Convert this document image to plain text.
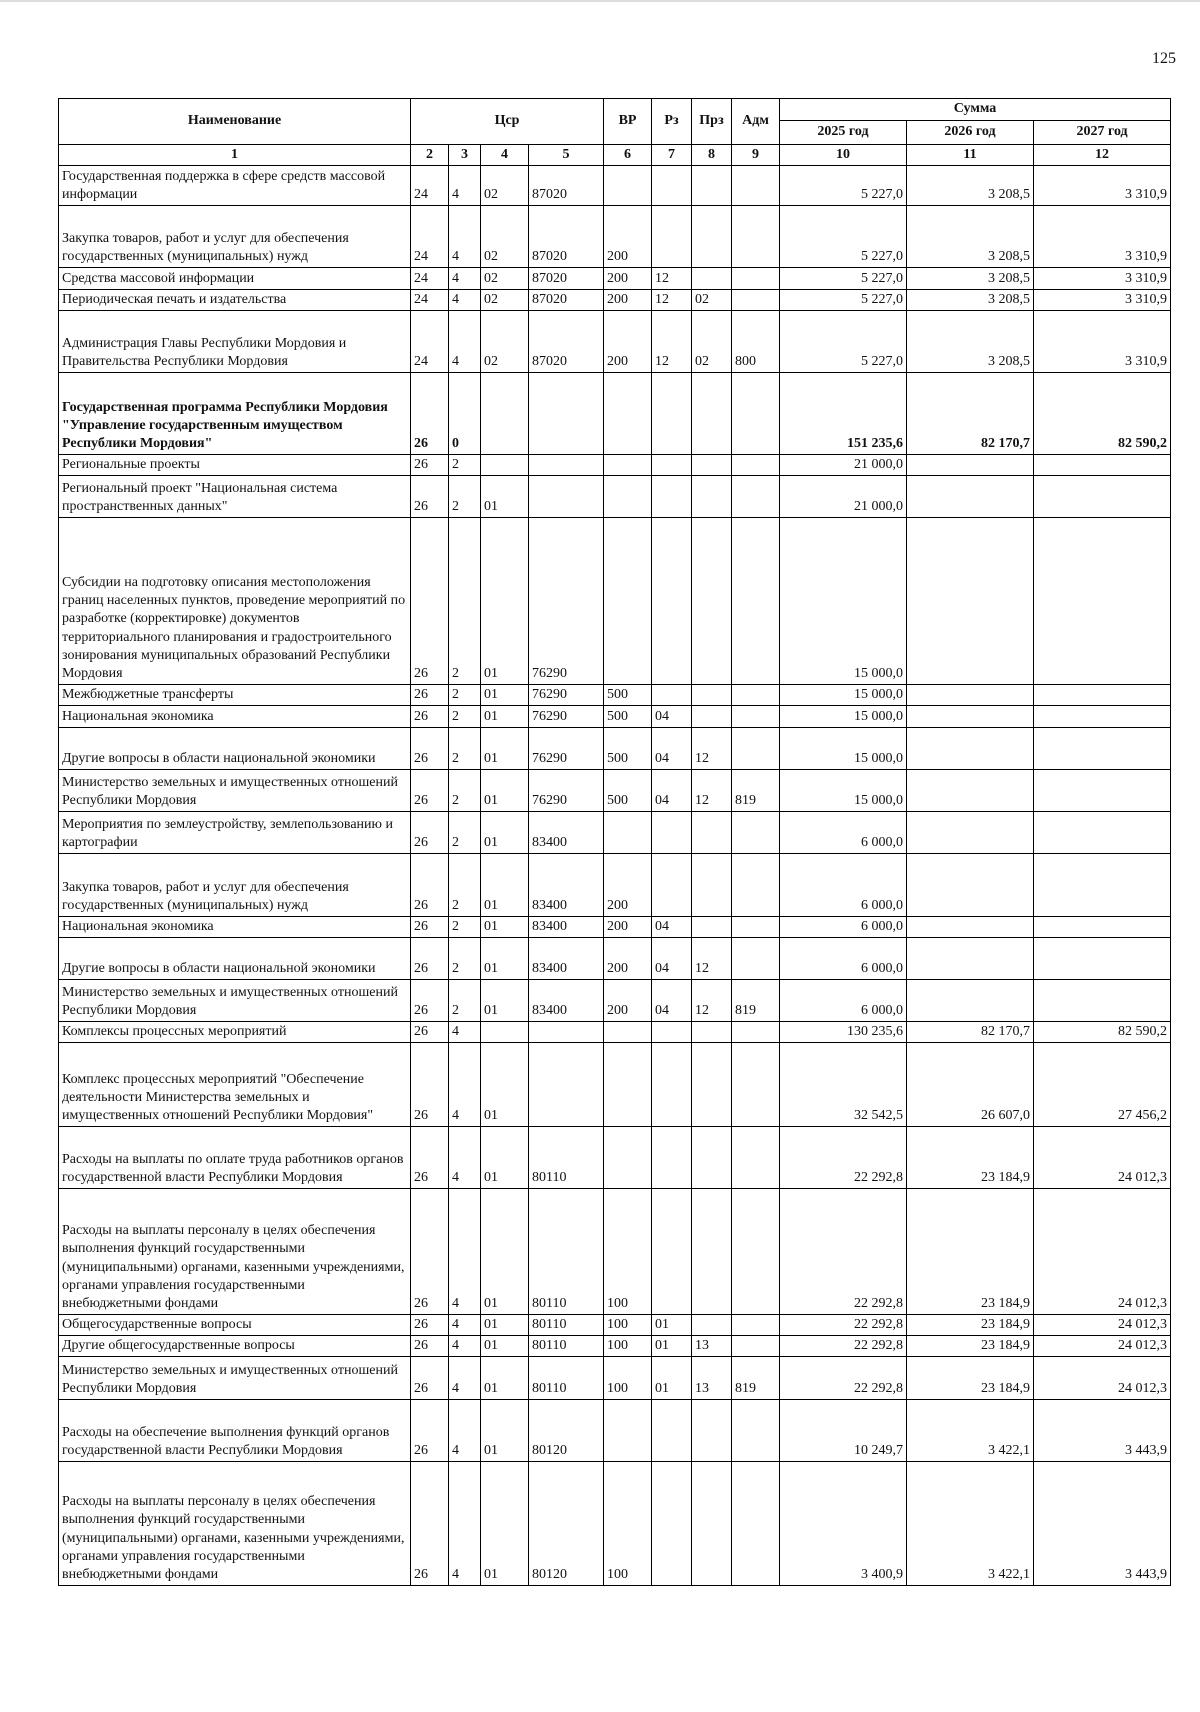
125
Наименование	Цср				ВР	Рз	Прз	Адм	Сумма		
									2025 год	2026 год	2027 год
1	2	3	4	5	6	7	8	9	10	11	12
Государственная поддержка в сфере средств массовой информации	24	4	02	87020					5 227,0	3 208,5	3 310,9
Закупка товаров, работ и услуг для обеспечения государственных (муниципальных) нужд	24	4	02	87020	200				5 227,0	3 208,5	3 310,9
Средства массовой информации	24	4	02	87020	200	12			5 227,0	3 208,5	3 310,9
Периодическая печать и издательства	24	4	02	87020	200	12	02		5 227,0	3 208,5	3 310,9
Администрация Главы Республики Мордовия и Правительства Республики Мордовия	24	4	02	87020	200	12	02	800	5 227,0	3 208,5	3 310,9
Государственная программа Республики Мордовия "Управление государственным имуществом Республики Мордовия"	26	0							151 235,6	82 170,7	82 590,2
Региональные проекты	26	2							21 000,0		
Региональный проект "Национальная система пространственных данных"	26	2	01						21 000,0		
Субсидии на подготовку описания местоположения границ населенных пунктов, проведение мероприятий по разработке (корректировке) документов территориального планирования и градостроительного зонирования муниципальных образований Республики Мордовия	26	2	01	76290					15 000,0		
Межбюджетные трансферты	26	2	01	76290	500				15 000,0		
Национальная экономика	26	2	01	76290	500	04			15 000,0		
Другие вопросы в области национальной экономики	26	2	01	76290	500	04	12		15 000,0		
Министерство земельных и имущественных отношений Республики Мордовия	26	2	01	76290	500	04	12	819	15 000,0		
Мероприятия по землеустройству, землепользованию и картографии	26	2	01	83400					6 000,0		
Закупка товаров, работ и услуг для обеспечения государственных (муниципальных) нужд	26	2	01	83400	200				6 000,0		
Национальная экономика	26	2	01	83400	200	04			6 000,0		
Другие вопросы в области национальной экономики	26	2	01	83400	200	04	12		6 000,0		
Министерство земельных и имущественных отношений Республики Мордовия	26	2	01	83400	200	04	12	819	6 000,0		
Комплексы процессных мероприятий	26	4							130 235,6	82 170,7	82 590,2
Комплекс процессных мероприятий "Обеспечение деятельности Министерства земельных и имущественных отношений Республики Мордовия"	26	4	01						32 542,5	26 607,0	27 456,2
Расходы на выплаты по оплате труда работников органов государственной власти Республики Мордовия	26	4	01	80110					22 292,8	23 184,9	24 012,3
Расходы на выплаты персоналу в целях обеспечения выполнения функций государственными (муниципальными) органами, казенными учреждениями, органами управления государственными внебюджетными фондами	26	4	01	80110	100				22 292,8	23 184,9	24 012,3
Общегосударственные вопросы	26	4	01	80110	100	01			22 292,8	23 184,9	24 012,3
Другие общегосударственные вопросы	26	4	01	80110	100	01	13		22 292,8	23 184,9	24 012,3
Министерство земельных и имущественных отношений Республики Мордовия	26	4	01	80110	100	01	13	819	22 292,8	23 184,9	24 012,3
Расходы на обеспечение выполнения функций органов государственной власти Республики Мордовия	26	4	01	80120					10 249,7	3 422,1	3 443,9
Расходы на выплаты персоналу в целях обеспечения выполнения функций государственными (муниципальными) органами, казенными учреждениями, органами управления государственными внебюджетными фондами	26	4	01	80120	100				3 400,9	3 422,1	3 443,9
